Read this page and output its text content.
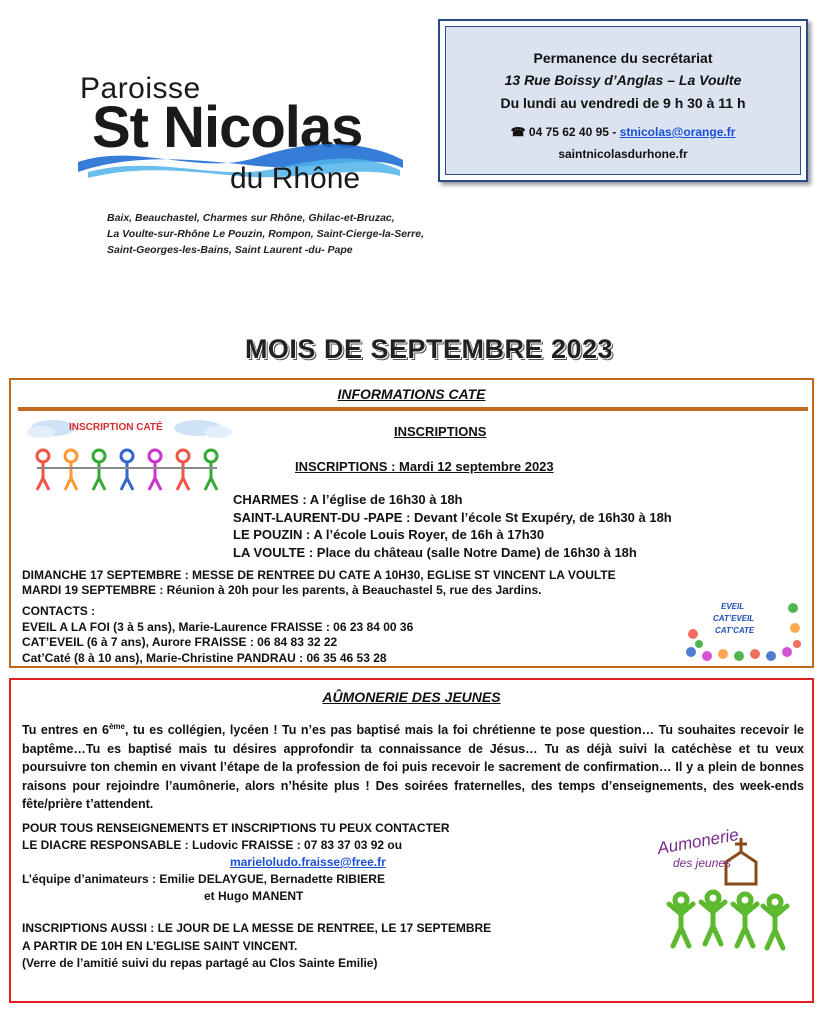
Paroisse
St Nicolas
du Rhône
Baix, Beauchastel, Charmes sur Rhône, Ghilac-et-Bruzac,
La Voulte-sur-Rhône Le Pouzin, Rompon, Saint-Cierge-la-Serre,
Saint-Georges-les-Bains, Saint Laurent -du- Pape
Permanence du secrétariat
13 Rue Boissy d’Anglas – La Voulte
Du lundi au vendredi de 9 h 30 à 11 h
☎ 04 75 62 40 95 - stnicolas@orange.fr
saintnicolasdurhone.fr
MOIS DE SEPTEMBRE 2023
INFORMATIONS CATE
INSCRIPTION CATÉ	INSCRIPTIONS
INSCRIPTIONS : Mardi 12 septembre 2023
CHARMES : A l’église de 16h30 à 18h
SAINT-LAURENT-DU -PAPE : Devant l’école St Exupéry, de 16h30 à 18h
LE POUZIN : A l’école Louis Royer, de 16h à 17h30
LA VOULTE : Place du château (salle Notre Dame) de 16h30 à 18h
DIMANCHE 17 SEPTEMBRE : MESSE DE RENTREE DU CATE A 10H30, EGLISE ST VINCENT LA VOULTE
MARDI 19 SEPTEMBRE : Réunion à 20h pour les parents, à Beauchastel 5, rue des Jardins.
CONTACTS :
EVEIL A LA FOI (3 à 5 ans), Marie-Laurence FRAISSE : 06 23 84 00 36
CAT’EVEIL (6 à 7 ans), Aurore FRAISSE : 06 84 83 32 22
Cat’Caté (8 à 10 ans), Marie-Christine PANDRAU : 06 35 46 53 28
EVEIL
CAT’EVEIL
CAT’CATE
AÛMONERIE DES JEUNES
Tu entres en 6ème, tu es collégien, lycéen ! Tu n’es pas baptisé mais la foi chrétienne te pose question… Tu souhaites recevoir le baptême…Tu es baptisé mais tu désires approfondir ta connaissance de Jésus… Tu as déjà suivi la catéchèse et tu veux poursuivre ton chemin en vivant l’étape de la profession de foi puis recevoir le sacrement de confirmation… Il y a plein de bonnes raisons pour rejoindre l’aumônerie, alors n’hésite plus ! Des soirées fraternelles, des temps d’enseignements, des week-ends fête/prière t’attendent.
POUR TOUS RENSEIGNEMENTS ET INSCRIPTIONS TU PEUX CONTACTER
LE DIACRE RESPONSABLE : Ludovic FRAISSE : 07 83 37 03 92 ou
marieloludo.fraisse@free.fr
L’équipe d’animateurs : Emilie DELAYGUE, Bernadette RIBIERE
et Hugo MANENT
INSCRIPTIONS AUSSI : LE JOUR DE LA MESSE DE RENTREE, LE 17 SEPTEMBRE
A PARTIR DE 10H EN L’EGLISE SAINT VINCENT.
(Verre de l’amitié suivi du repas partagé au Clos Sainte Emilie)
Aumonerie
des jeunes
